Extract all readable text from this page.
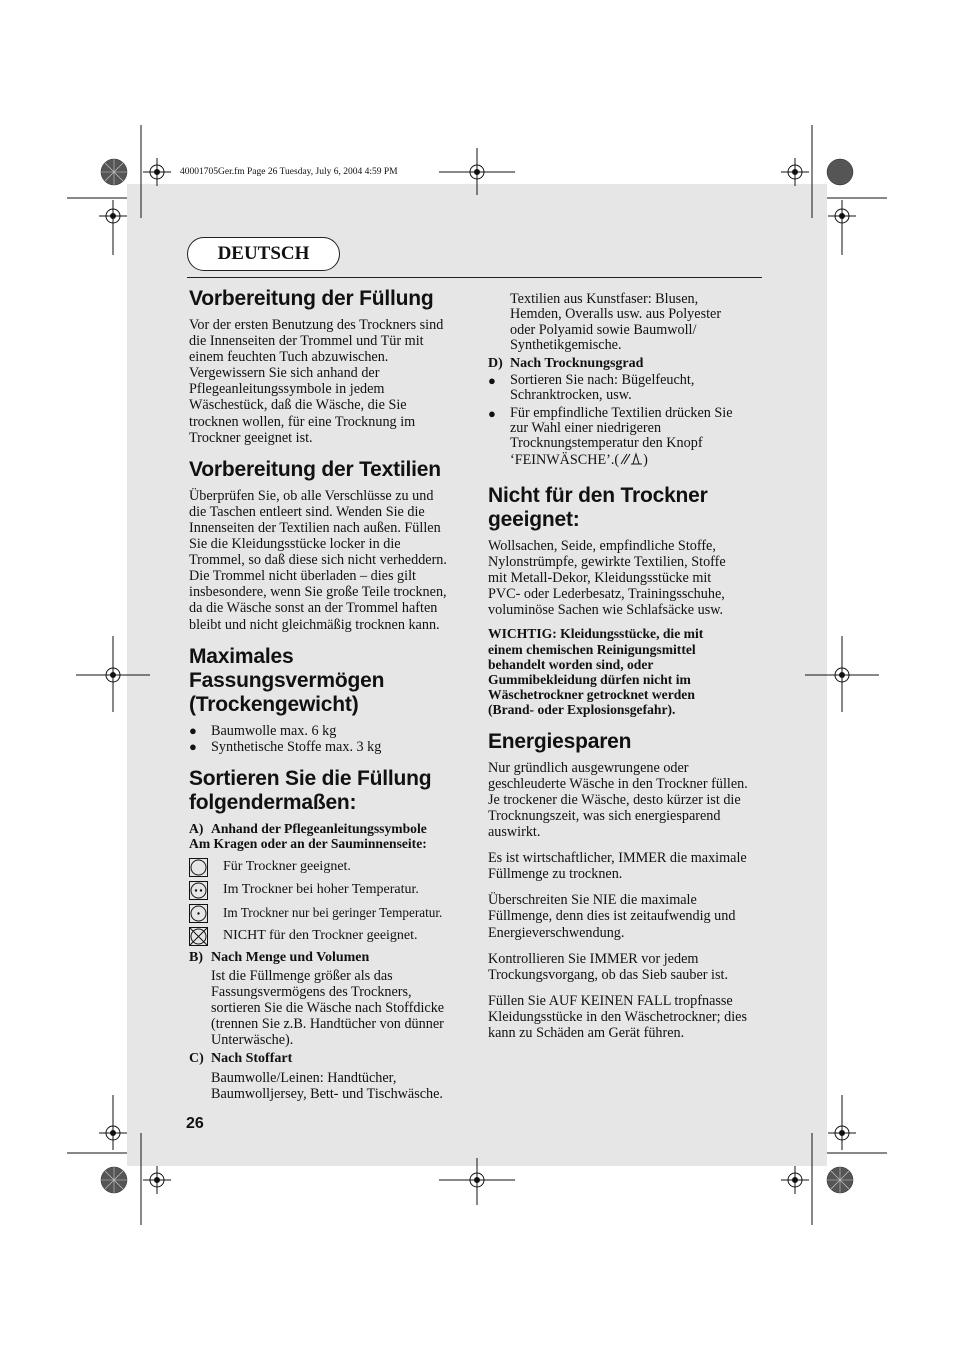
40001705Ger.fm Page 26 Tuesday, July 6, 2004 4:59 PM
DEUTSCH
Vorbereitung der Füllung

Vor der ersten Benutzung des Trockners sind
die Innenseiten der Trommel und Tür mit
einem feuchten Tuch abzuwischen.
Vergewissern Sie sich anhand der
Pflegeanleitungssymbole in jedem
Wäschestück, daß die Wäsche, die Sie
trocknen wollen, für eine Trocknung im
Trockner geeignet ist.

Vorbereitung der Textilien

Überprüfen Sie, ob alle Verschlüsse zu und
die Taschen entleert sind. Wenden Sie die
Innenseiten der Textilien nach außen. Füllen
Sie die Kleidungsstücke locker in die
Trommel, so daß diese sich nicht verheddern.
Die Trommel nicht überladen – dies gilt
insbesondere, wenn Sie große Teile trocknen,
da die Wäsche sonst an der Trommel haften
bleibt und nicht gleichmäßig trocknen kann.

Maximales
Fassungsvermögen
(Trockengewicht)
● Baumwolle max. 6 kg
● Synthetische Stoffe max. 3 kg
Sortieren Sie die Füllung
folgendermaßen:
A) Anhand der Pflegeanleitungssymbole
Am Kragen oder an der Sauminnenseite:
Für Trockner geeignet.
Im Trockner bei hoher Temperatur.
Im Trockner nur bei geringer Temperatur.
NICHT für den Trockner geeignet.
B) Nach Menge und Volumen

Ist die Füllmenge größer als das
Fassungsvermögens des Trockners,
sortieren Sie die Wäsche nach Stoffdicke
(trennen Sie z.B. Handtücher von dünner
Unterwäsche).

C) Nach Stoffart

Baumwolle/Leinen: Handtücher,
Baumwolljersey, Bett- und Tischwäsche.

Textilien aus Kunstfaser: Blusen,
Hemden, Overalls usw. aus Polyester
oder Polyamid sowie Baumwoll/
Synthetikgemische.

D) Nach Trocknungsgrad
● Sortieren Sie nach: Bügelfeucht,
Schranktrocken, usw.
● Für empfindliche Textilien drücken Sie
zur Wahl einer niedrigeren
Trocknungstemperatur den Knopf
‘FEINWÄSCHE’.( )
Nicht für den Trockner
geeignet:

Wollsachen, Seide, empfindliche Stoffe,
Nylonstrümpfe, gewirkte Textilien, Stoffe
mit Metall-Dekor, Kleidungsstücke mit
PVC- oder Lederbesatz, Trainingsschuhe,
voluminöse Sachen wie Schlafsäcke usw.

WICHTIG: Kleidungsstücke, die mit
einem chemischen Reinigungsmittel
behandelt worden sind, oder
Gummibekleidung dürfen nicht im
Wäschetrockner getrocknet werden
(Brand- oder Explosionsgefahr).

Energiesparen

Nur gründlich ausgewrungene oder
geschleuderte Wäsche in den Trockner füllen.
Je trockener die Wäsche, desto kürzer ist die
Trocknungszeit, was sich energiesparend
auswirkt.

Es ist wirtschaftlicher, IMMER die maximale
Füllmenge zu trocknen.

Überschreiten Sie NIE die maximale
Füllmenge, denn dies ist zeitaufwendig und
Energieverschwendung.

Kontrollieren Sie IMMER vor jedem
Trockungsvorgang, ob das Sieb sauber ist.

Füllen Sie AUF KEINEN FALL tropfnasse
Kleidungsstücke in den Wäschetrockner; dies
kann zu Schäden am Gerät führen.

26
